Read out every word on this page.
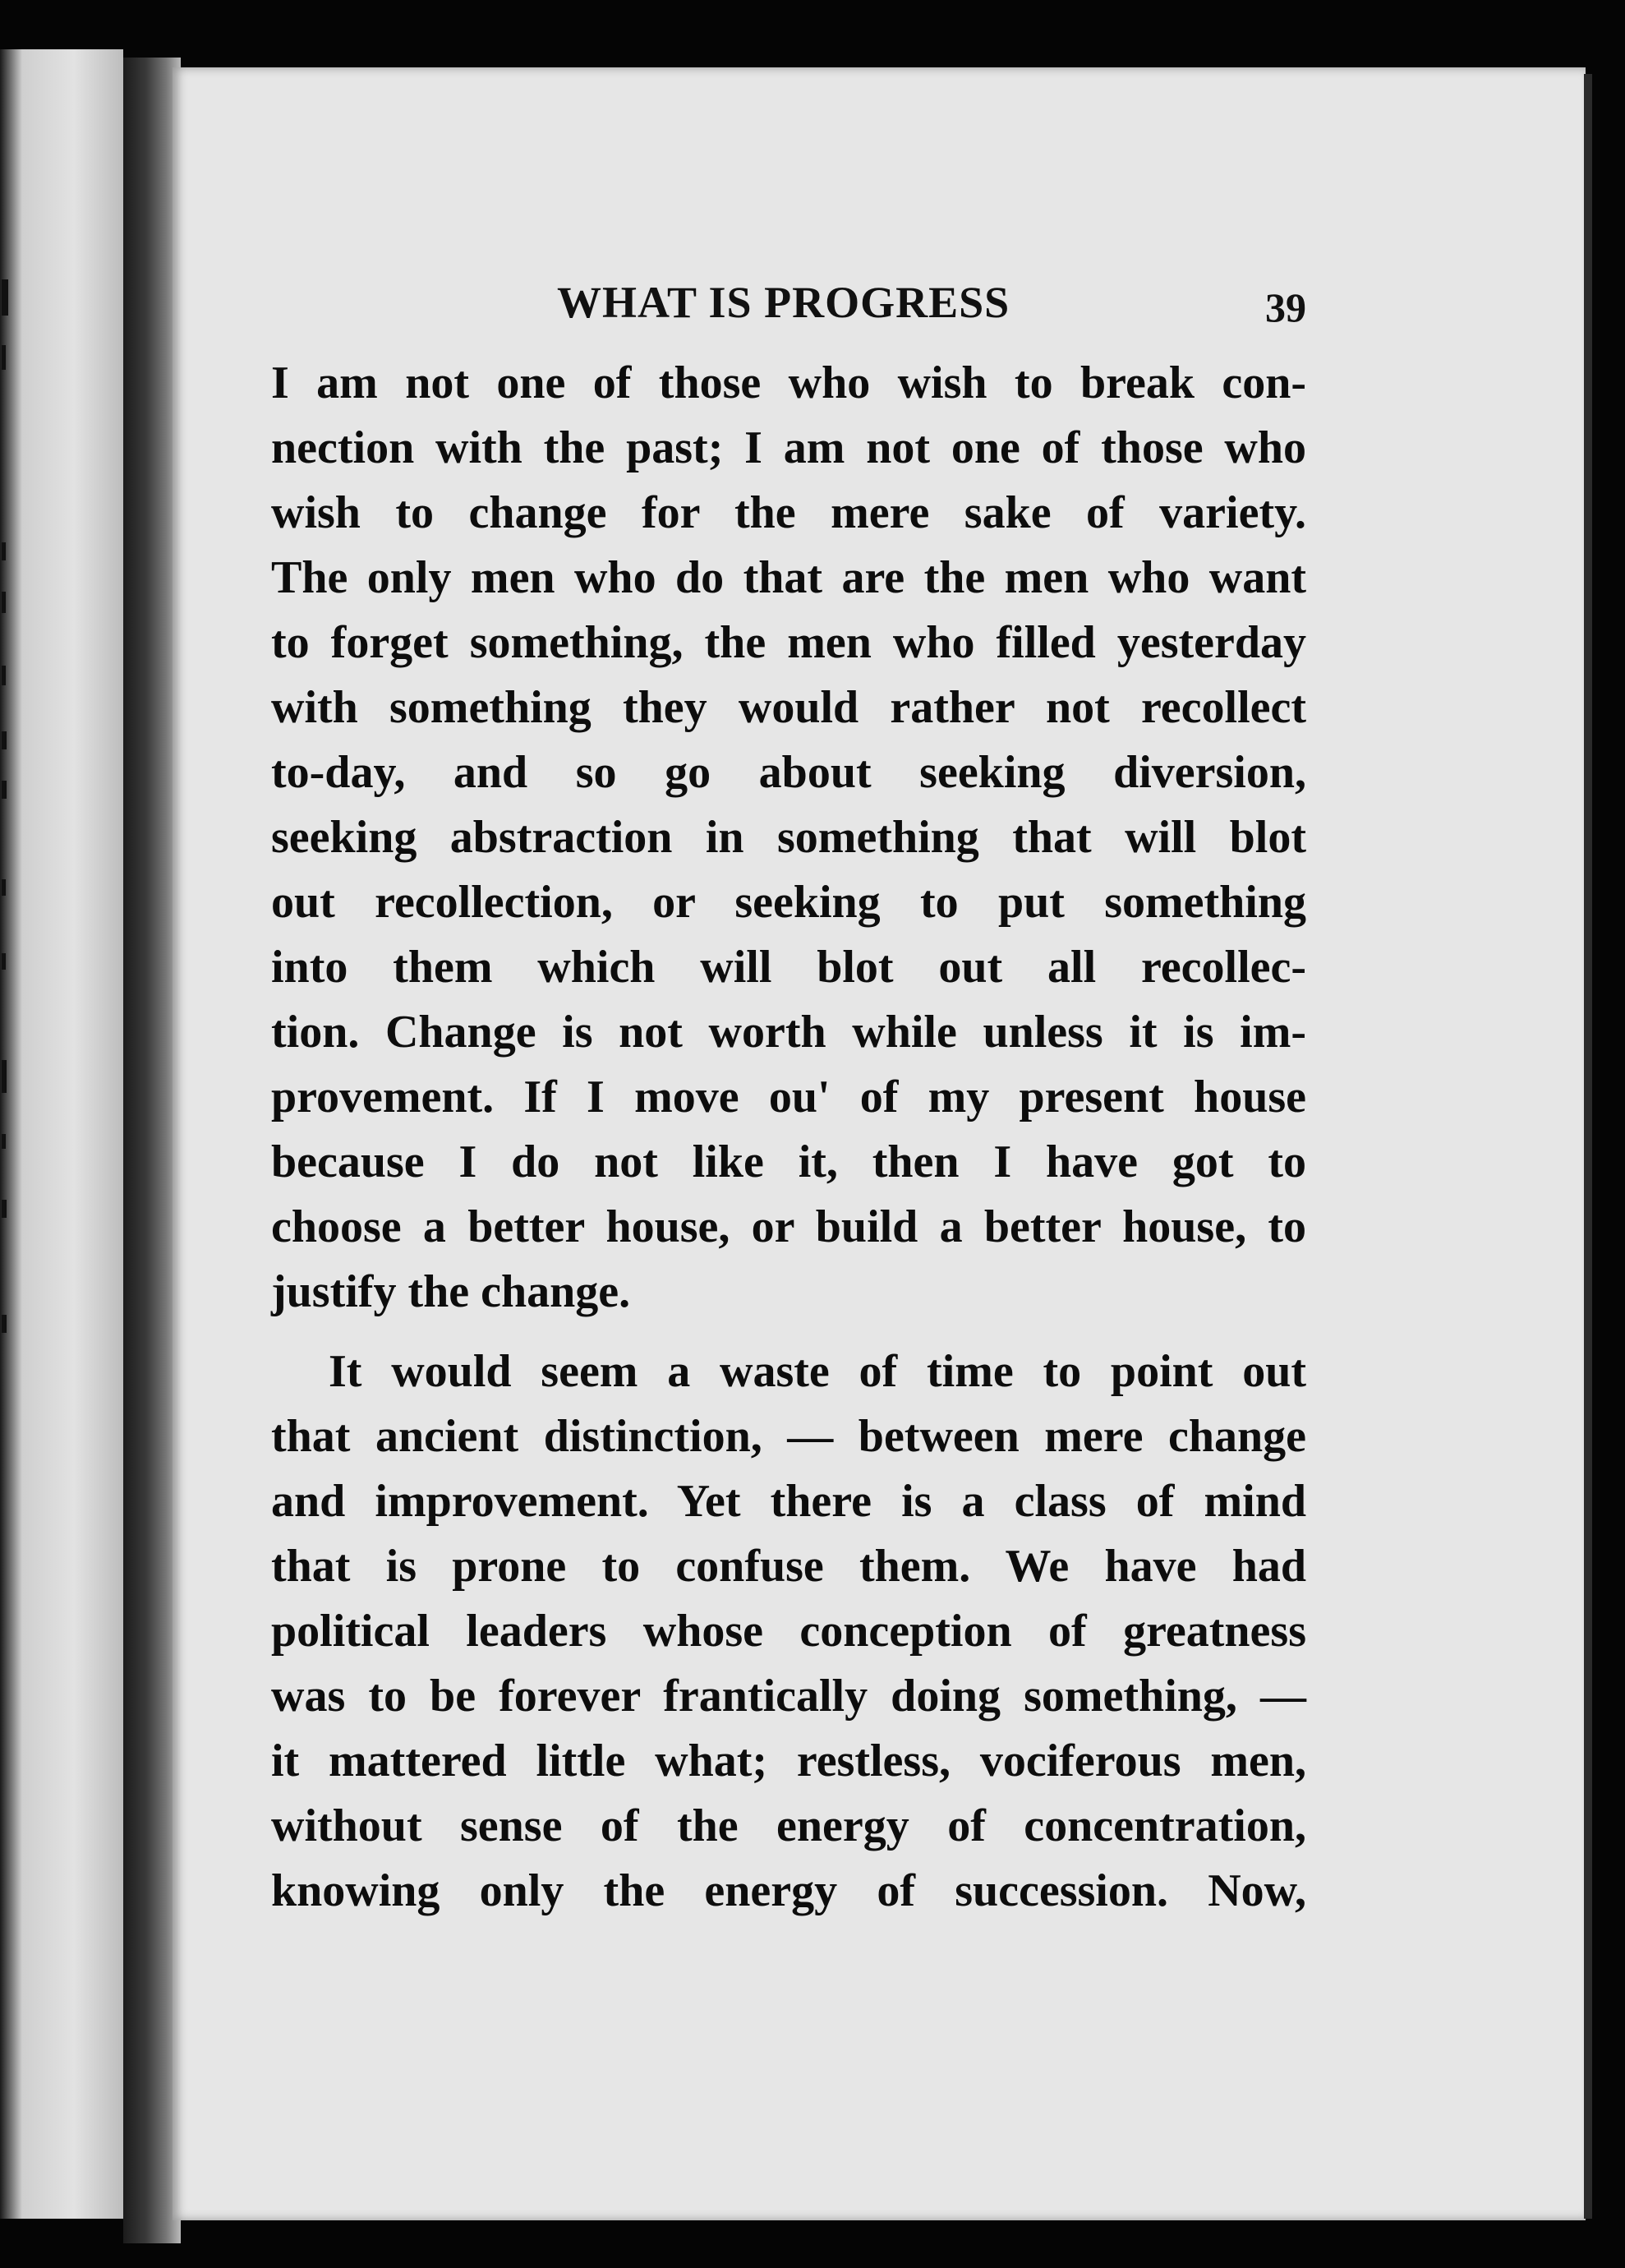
WHAT IS PROGRESS	39
I am not one of those who wish to break con-
nection with the past; I am not one of those who
wish to change for the mere sake of variety.
The only men who do that are the men who want
to forget something, the men who filled yesterday
with something they would rather not recollect
to-day, and so go about seeking diversion,
seeking abstraction in something that will blot
out recollection, or seeking to put something
into them which will blot out all recollec-
tion. Change is not worth while unless it is im-
provement. If I move ou' of my present house
because I do not like it, then I have got to
choose a better house, or build a better house, to
justify the change.
It would seem a waste of time to point out
that ancient distinction, — between mere change
and improvement. Yet there is a class of mind
that is prone to confuse them. We have had
political leaders whose conception of greatness
was to be forever frantically doing something, —
it mattered little what; restless, vociferous men,
without sense of the energy of concentration,
knowing only the energy of succession. Now,
